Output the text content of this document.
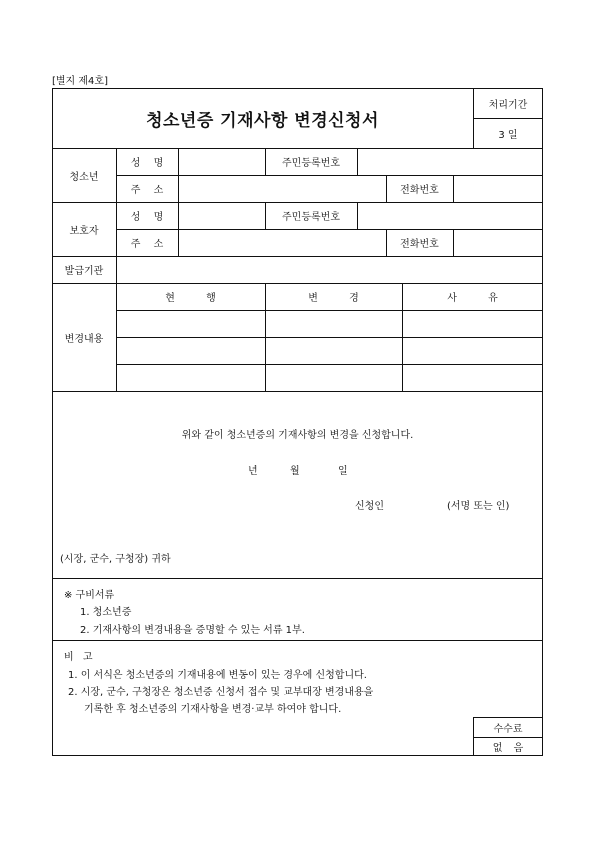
[별지 제4호]
청소년증 기재사항 변경신청서
처리기간
3 일
청소년
성 명	주민등록번호
주 소	전화번호
보호자
성 명	주민등록번호
주 소	전화번호
발급기관
변경내용
현 행	변 경	사 유
위와 같이 청소년증의 기재사항의 변경을 신청합니다.
년	월	일
신청인	(서명 또는 인)
(시장, 군수, 구청장) 귀하
※ 구비서류
1. 청소년증
2. 기재사항의 변경내용을 증명할 수 있는 서류 1부.
비 고
1. 이 서식은 청소년증의 기재내용에 변동이 있는 경우에 신청합니다.
2. 시장, 군수, 구청장은 청소년증 신청서 접수 및 교부대장 변경내용을
기록한 후 청소년증의 기재사항을 변경·교부 하여야 합니다.
수수료
없 음
